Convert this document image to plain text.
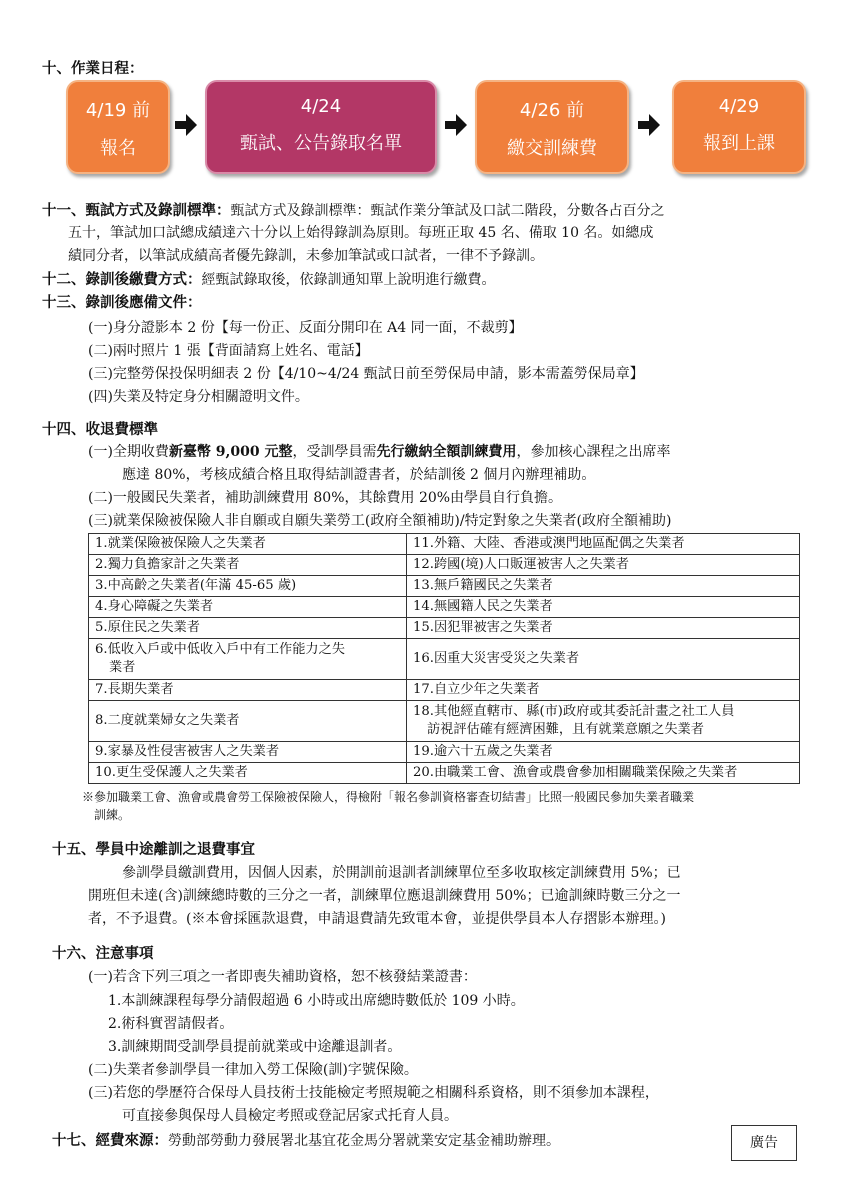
十、作業日程：
4/19 前
報名
4/24
甄試、公告錄取名單
4/26 前
繳交訓練費
4/29
報到上課
十一、甄試方式及錄訓標準：甄試方式及錄訓標準：甄試作業分筆試及口試二階段，分數各占百分之
五十，筆試加口試總成績達六十分以上始得錄訓為原則。每班正取 45 名、備取 10 名。如總成
績同分者，以筆試成績高者優先錄訓，未參加筆試或口試者，一律不予錄訓。
十二、錄訓後繳費方式：經甄試錄取後，依錄訓通知單上說明進行繳費。
十三、錄訓後應備文件：
(一)身分證影本 2 份【每一份正、反面分開印在 A4 同一面，不裁剪】
(二)兩吋照片 1 張【背面請寫上姓名、電話】
(三)完整勞保投保明細表 2 份【4/10~4/24 甄試日前至勞保局申請，影本需蓋勞保局章】
(四)失業及特定身分相關證明文件。
十四、收退費標準
(一)全期收費新臺幣 9,000 元整，受訓學員需先行繳納全額訓練費用，參加核心課程之出席率
應達 80%，考核成績合格且取得結訓證書者，於結訓後 2 個月內辦理補助。
(二)一般國民失業者，補助訓練費用 80%，其餘費用 20%由學員自行負擔。
(三)就業保險被保險人非自願或自願失業勞工(政府全額補助)/特定對象之失業者(政府全額補助)
1.就業保險被保險人之失業者	11.外籍、大陸、香港或澳門地區配偶之失業者
2.獨力負擔家計之失業者	12.跨國(境)人口販運被害人之失業者
3.中高齡之失業者(年滿 45-65 歲)	13.無戶籍國民之失業者
4.身心障礙之失業者	14.無國籍人民之失業者
5.原住民之失業者	15.因犯罪被害之失業者

6.低收入戶或中低收入戶中有工作能力之失
業者	16.因重大災害受災之失業者
7.長期失業者	17.自立少年之失業者
8.二度就業婦女之失業者	18.其他經直轄市、縣(市)政府或其委託計畫之社工人員
訪視評估確有經濟困難，且有就業意願之失業者

9.家暴及性侵害被害人之失業者	19.逾六十五歲之失業者
10.更生受保護人之失業者	20.由職業工會、漁會或農會參加相關職業保險之失業者
※參加職業工會、漁會或農會勞工保險被保險人，得檢附「報名參訓資格審查切結書」比照一般國民參加失業者職業
訓練。
十五、學員中途離訓之退費事宜
參訓學員繳訓費用，因個人因素，於開訓前退訓者訓練單位至多收取核定訓練費用 5%；已
開班但未達(含)訓練總時數的三分之一者，訓練單位應退訓練費用 50%；已逾訓練時數三分之一
者，不予退費。(※本會採匯款退費，申請退費請先致電本會，並提供學員本人存摺影本辦理。)
十六、注意事項
(一)若含下列三項之一者即喪失補助資格，恕不核發結業證書：
1.本訓練課程每學分請假超過 6 小時或出席總時數低於 109 小時。
2.術科實習請假者。
3.訓練期間受訓學員提前就業或中途離退訓者。
(二)失業者參訓學員一律加入勞工保險(訓)字號保險。
(三)若您的學歷符合保母人員技術士技能檢定考照規範之相關科系資格，則不須參加本課程，
可直接參與保母人員檢定考照或登記居家式托育人員。
十七、經費來源：勞動部勞動力發展署北基宜花金馬分署就業安定基金補助辦理。	廣告
